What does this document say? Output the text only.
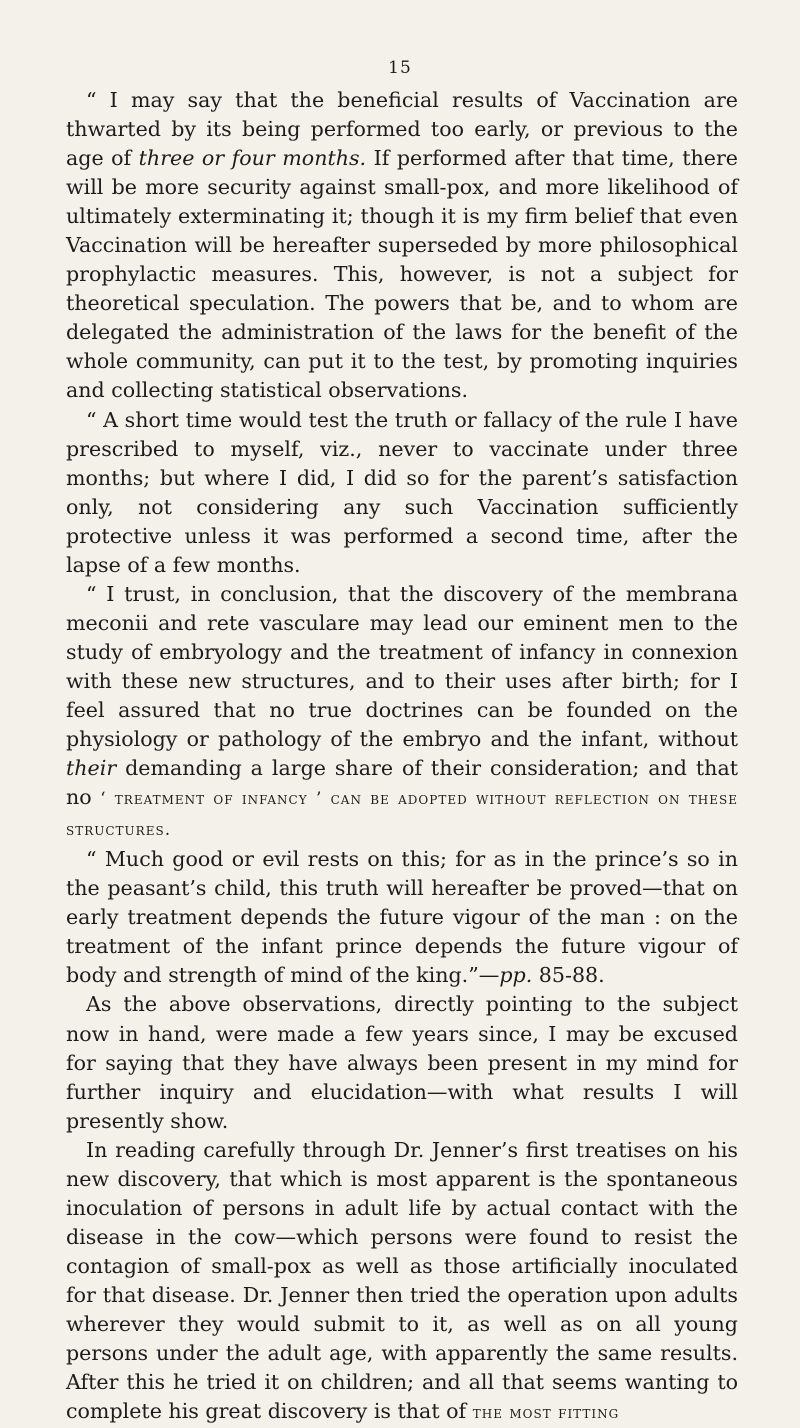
15

“ I may say that the beneficial results of Vaccination are thwarted by its being performed too early, or previous to the age of three or four months. If performed after that time, there will be more security against small-pox, and more likelihood of ultimately exterminating it; though it is my firm belief that even Vaccination will be hereafter superseded by more philosophical prophylactic measures. This, however, is not a subject for theoretical speculation. The powers that be, and to whom are delegated the administration of the laws for the benefit of the whole community, can put it to the test, by promoting inquiries and collecting statistical observations.

“ A short time would test the truth or fallacy of the rule I have prescribed to myself, viz., never to vaccinate under three months; but where I did, I did so for the parent’s satisfaction only, not considering any such Vaccination sufficiently protective unless it was performed a second time, after the lapse of a few months.

“ I trust, in conclusion, that the discovery of the membrana meconii and rete vasculare may lead our eminent men to the study of embryology and the treatment of infancy in connexion with these new structures, and to their uses after birth; for I feel assured that no true doctrines can be founded on the physiology or pathology of the embryo and the infant, without their demanding a large share of their consideration; and that no ‘ treatment of infancy ’ can be adopted without reflection on these structures.

“ Much good or evil rests on this; for as in the prince’s so in the peasant’s child, this truth will hereafter be proved—that on early treatment depends the future vigour of the man : on the treatment of the infant prince depends the future vigour of body and strength of mind of the king.”—pp. 85-88.

As the above observations, directly pointing to the subject now in hand, were made a few years since, I may be excused for saying that they have always been present in my mind for further inquiry and elucidation—with what results I will presently show.

In reading carefully through Dr. Jenner’s first treatises on his new discovery, that which is most apparent is the spontaneous inoculation of persons in adult life by actual contact with the disease in the cow—which persons were found to resist the contagion of small-pox as well as those artificially inoculated for that disease. Dr. Jenner then tried the operation upon adults wherever they would submit to it, as well as on all young persons under the adult age, with apparently the same results. After this he tried it on children; and all that seems wanting to complete his great discovery is that of the most fitting
